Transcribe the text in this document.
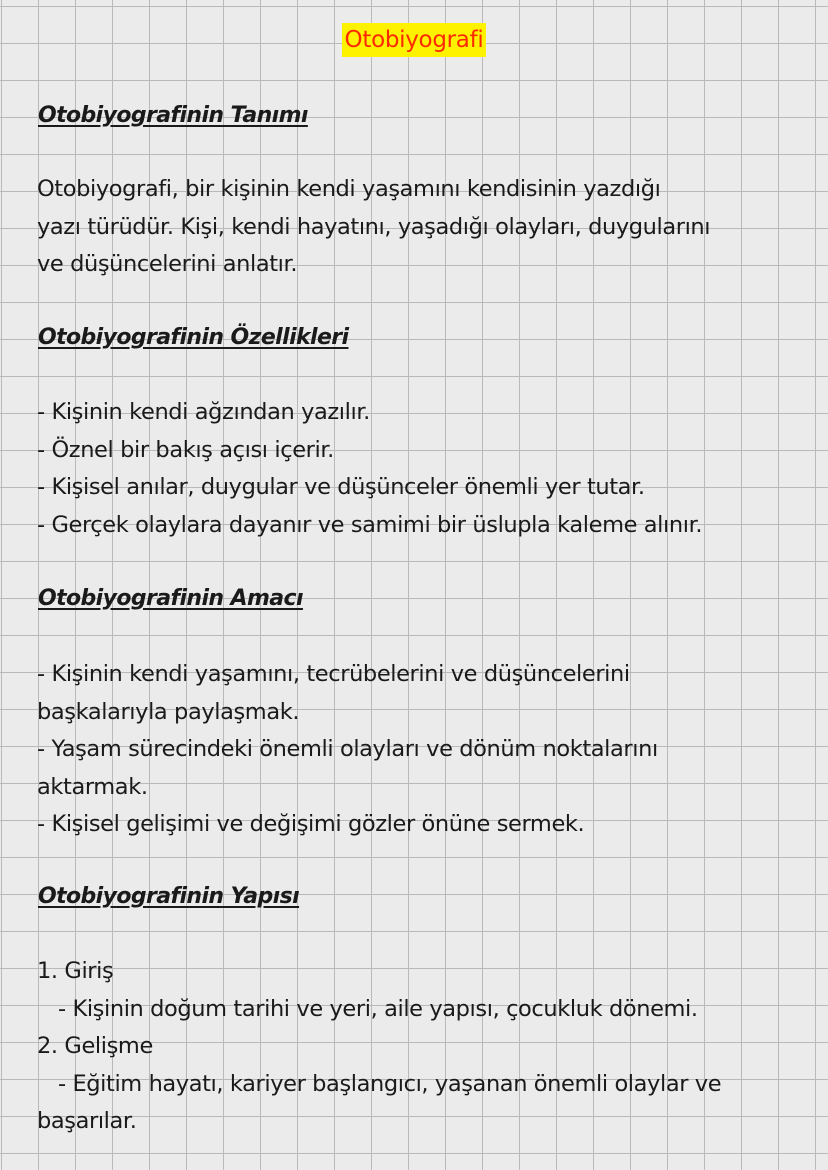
Otobiyografi
Otobiyografinin Tanımı
Otobiyografi, bir kişinin kendi yaşamını kendisinin yazdığı
yazı türüdür. Kişi, kendi hayatını, yaşadığı olayları, duygularını
ve düşüncelerini anlatır.
Otobiyografinin Özellikleri
- Kişinin kendi ağzından yazılır.
- Öznel bir bakış açısı içerir.
- Kişisel anılar, duygular ve düşünceler önemli yer tutar.
- Gerçek olaylara dayanır ve samimi bir üslupla kaleme alınır.
Otobiyografinin Amacı
- Kişinin kendi yaşamını, tecrübelerini ve düşüncelerini
başkalarıyla paylaşmak.
- Yaşam sürecindeki önemli olayları ve dönüm noktalarını
aktarmak.
- Kişisel gelişimi ve değişimi gözler önüne sermek.
Otobiyografinin Yapısı
1. Giriş
- Kişinin doğum tarihi ve yeri, aile yapısı, çocukluk dönemi.
2. Gelişme
- Eğitim hayatı, kariyer başlangıcı, yaşanan önemli olaylar ve
başarılar.
